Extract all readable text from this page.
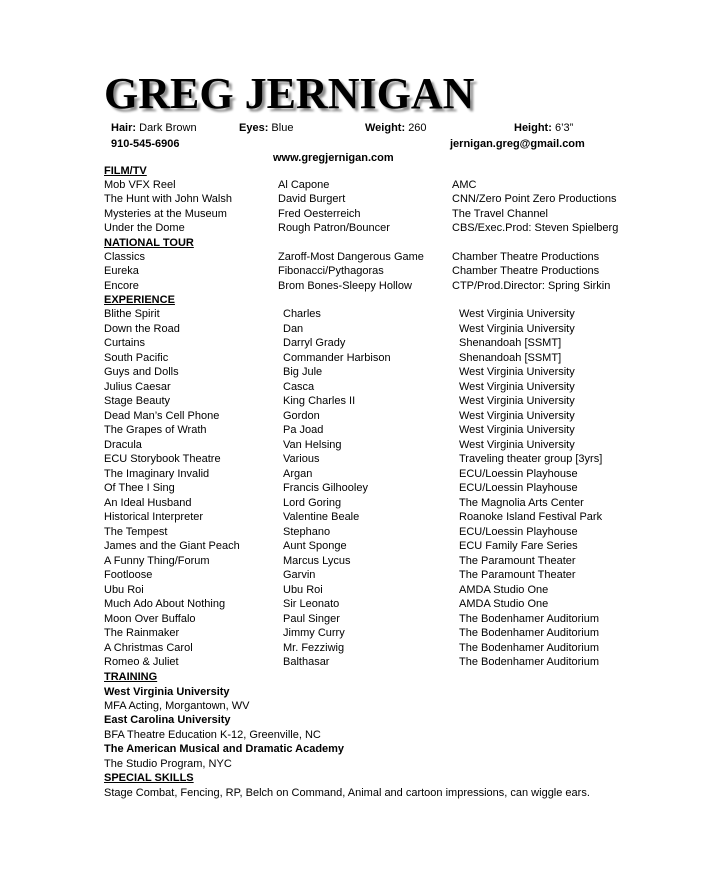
GREG JERNIGAN
Hair: Dark Brown	Eyes: Blue	Weight: 260	Height: 6’3”
910-545-6906	jernigan.greg@gmail.com
www.gregjernigan.com
FILM/TV
Mob VFX Reel	Al Capone	AMC
The Hunt with John Walsh	David Burgert	CNN/Zero Point Zero Productions
Mysteries at the Museum	Fred Oesterreich	The Travel Channel
Under the Dome	Rough Patron/Bouncer	CBS/Exec.Prod: Steven Spielberg
NATIONAL TOUR
Classics	Zaroff-Most Dangerous Game	Chamber Theatre Productions
Eureka	Fibonacci/Pythagoras	Chamber Theatre Productions
Encore	Brom Bones-Sleepy Hollow	CTP/Prod.Director: Spring Sirkin
EXPERIENCE
Blithe Spirit	Charles	West Virginia University
Down the Road	Dan	West Virginia University
Curtains	Darryl Grady	Shenandoah [SSMT]
South Pacific	Commander Harbison	Shenandoah [SSMT]
Guys and Dolls	Big Jule	West Virginia University
Julius Caesar	Casca	West Virginia University
Stage Beauty	King Charles II	West Virginia University
Dead Man’s Cell Phone	Gordon	West Virginia University
The Grapes of Wrath	Pa Joad	West Virginia University
Dracula	Van Helsing	West Virginia University
ECU Storybook Theatre	Various	Traveling theater group [3yrs]
The Imaginary Invalid	Argan	ECU/Loessin Playhouse
Of Thee I Sing	Francis Gilhooley	ECU/Loessin Playhouse
An Ideal Husband	Lord Goring	The Magnolia Arts Center
Historical Interpreter	Valentine Beale	Roanoke Island Festival Park
The Tempest	Stephano	ECU/Loessin Playhouse
James and the Giant Peach	Aunt Sponge	ECU Family Fare Series
A Funny Thing/Forum	Marcus Lycus	The Paramount Theater
Footloose	Garvin	The Paramount Theater
Ubu Roi	Ubu Roi	AMDA Studio One
Much Ado About Nothing	Sir Leonato	AMDA Studio One
Moon Over Buffalo	Paul Singer	The Bodenhamer Auditorium
The Rainmaker	Jimmy Curry	The Bodenhamer Auditorium
A Christmas Carol	Mr. Fezziwig	The Bodenhamer Auditorium
Romeo & Juliet	Balthasar	The Bodenhamer Auditorium
TRAINING
West Virginia University
MFA Acting, Morgantown, WV
East Carolina University
BFA Theatre Education K-12, Greenville, NC
The American Musical and Dramatic Academy
The Studio Program, NYC
SPECIAL SKILLS
Stage Combat, Fencing, RP, Belch on Command, Animal and cartoon impressions, can wiggle ears.
